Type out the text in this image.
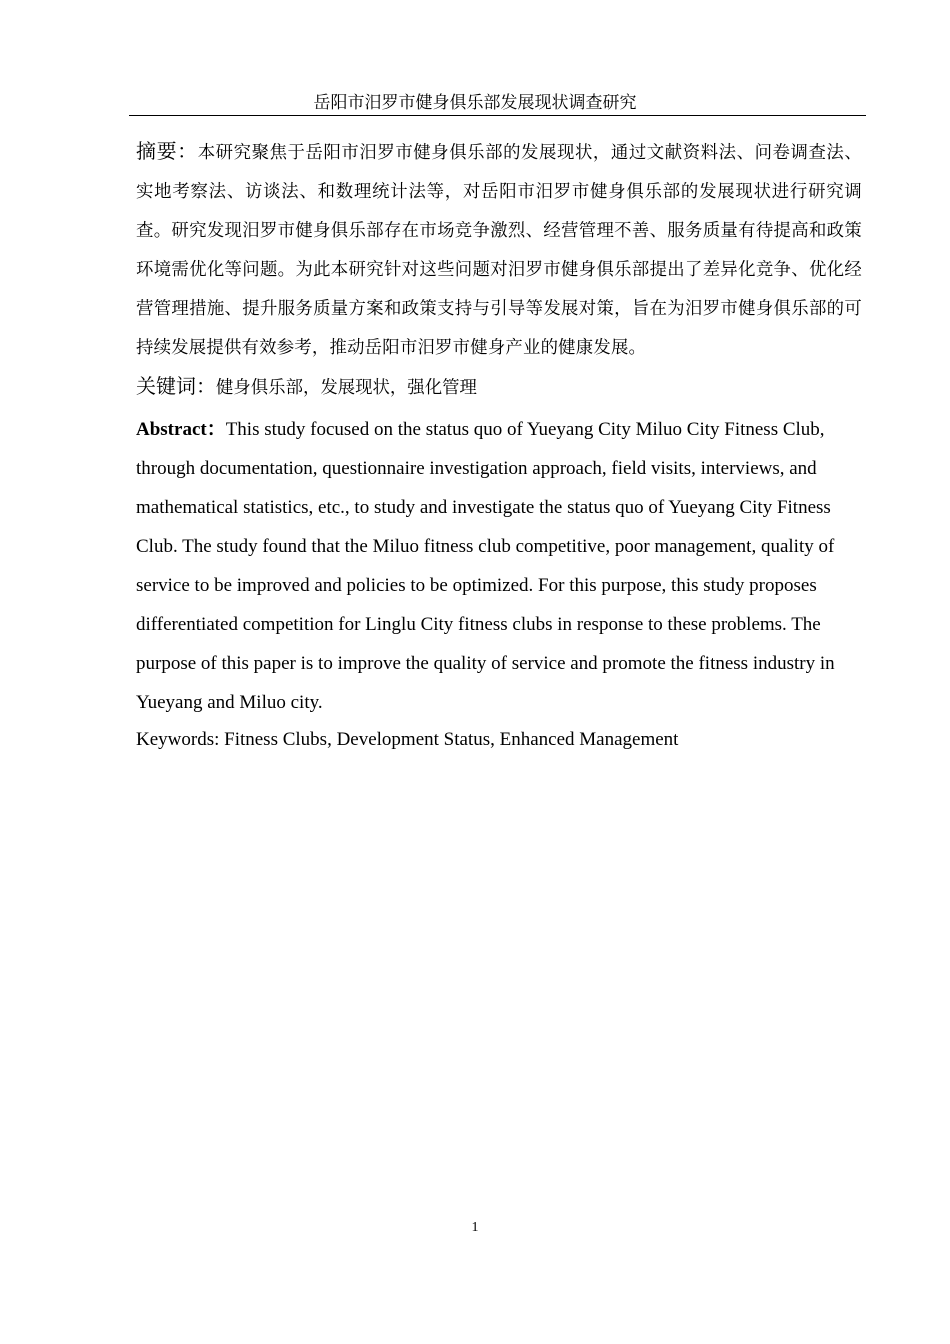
岳阳市汨罗市健身俱乐部发展现状调查研究

摘要：本研究聚焦于岳阳市汨罗市健身俱乐部的发展现状，通过文献资料法、问卷调查法、实地考察法、访谈法、和数理统计法等，对岳阳市汨罗市健身俱乐部的发展现状进行研究调查。研究发现汨罗市健身俱乐部存在市场竞争激烈、经营管理不善、服务质量有待提高和政策环境需优化等问题。为此本研究针对这些问题对汨罗市健身俱乐部提出了差异化竞争、优化经营管理措施、提升服务质量方案和政策支持与引导等发展对策，旨在为汨罗市健身俱乐部的可持续发展提供有效参考，推动岳阳市汨罗市健身产业的健康发展。

关键词：健身俱乐部，发展现状，强化管理

Abstract：This study focused on the status quo of Yueyang City Miluo City Fitness Club, through documentation, questionnaire investigation approach, field visits, interviews, and mathematical statistics, etc., to study and investigate the status quo of Yueyang City Fitness Club. The study found that the Miluo fitness club competitive, poor management, quality of service to be improved and policies to be optimized. For this purpose, this study proposes differentiated competition for Linglu City fitness clubs in response to these problems. The purpose of this paper is to improve the quality of service and promote the fitness industry in Yueyang and Miluo city.

Keywords: Fitness Clubs, Development Status, Enhanced Management

1
